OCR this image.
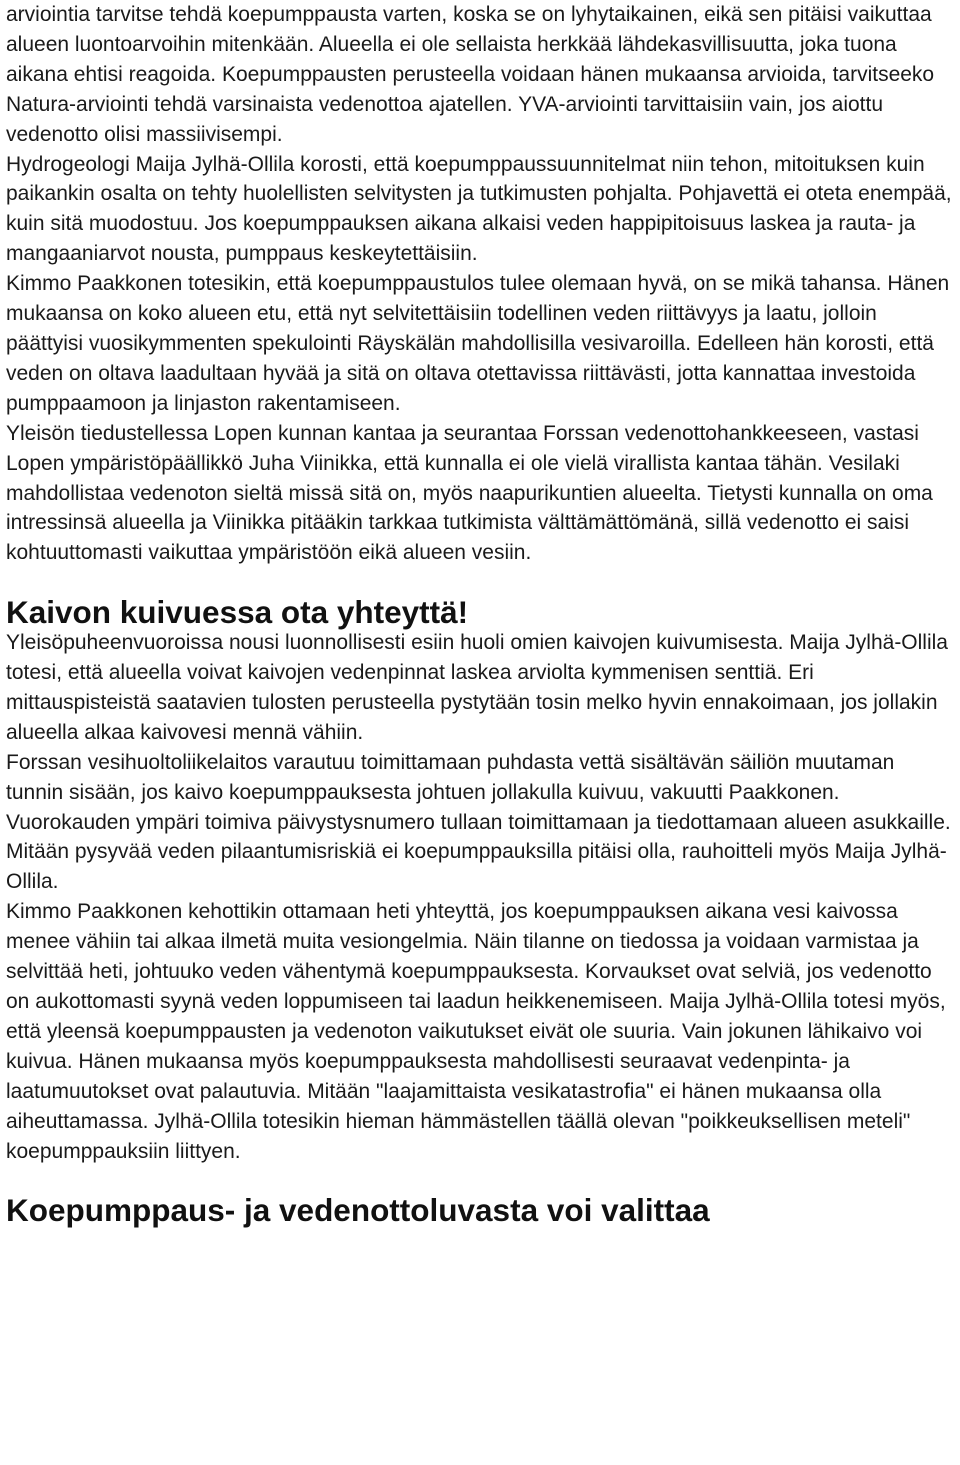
arviointia tarvitse tehdä koepumppausta varten, koska se on lyhytaikainen, eikä sen pitäisi vaikuttaa alueen luontoarvoihin mitenkään. Alueella ei ole sellaista herkkää lähdekasvillisuutta, joka tuona aikana ehtisi reagoida. Koepumppausten perusteella voidaan hänen mukaansa arvioida, tarvitseeko Natura-arviointi tehdä varsinaista vedenottoa ajatellen. YVA-arviointi tarvittaisiin vain, jos aiottu vedenotto olisi massiivisempi.

Hydrogeologi Maija Jylhä-Ollila korosti, että koepumppaussuunnitelmat niin tehon, mitoituksen kuin paikankin osalta on tehty huolellisten selvitysten ja tutkimusten pohjalta. Pohjavettä ei oteta enempää, kuin sitä muodostuu. Jos koepumppauksen aikana alkaisi veden happipitoisuus laskea ja rauta- ja mangaaniarvot nousta, pumppaus keskeytettäisiin.

Kimmo Paakkonen totesikin, että koepumppaustulos tulee olemaan hyvä, on se mikä tahansa. Hänen mukaansa on koko alueen etu, että nyt selvitettäisiin todellinen veden riittävyys ja laatu, jolloin päättyisi vuosikymmenten spekulointi Räyskälän mahdollisilla vesivaroilla. Edelleen hän korosti, että veden on oltava laadultaan hyvää ja sitä on oltava otettavissa riittävästi, jotta kannattaa investoida pumppaamoon ja linjaston rakentamiseen.

Yleisön tiedustellessa Lopen kunnan kantaa ja seurantaa Forssan vedenottohankkeeseen, vastasi Lopen ympäristöpäällikkö Juha Viinikka, että kunnalla ei ole vielä virallista kantaa tähän. Vesilaki mahdollistaa vedenoton sieltä missä sitä on, myös naapurikuntien alueelta. Tietysti kunnalla on oma intressinsä alueella ja Viinikka pitääkin tarkkaa tutkimista välttämättömänä, sillä vedenotto ei saisi kohtuuttomasti vaikuttaa ympäristöön eikä alueen vesiin.

Kaivon kuivuessa ota yhteyttä!

Yleisöpuheenvuoroissa nousi luonnollisesti esiin huoli omien kaivojen kuivumisesta. Maija Jylhä-Ollila totesi, että alueella voivat kaivojen vedenpinnat laskea arviolta kymmenisen senttiä. Eri mittauspisteistä saatavien tulosten perusteella pystytään tosin melko hyvin ennakoimaan, jos jollakin alueella alkaa kaivovesi mennä vähiin.

Forssan vesihuoltoliikelaitos varautuu toimittamaan puhdasta vettä sisältävän säiliön muutaman tunnin sisään, jos kaivo koepumppauksesta johtuen jollakulla kuivuu, vakuutti Paakkonen. Vuorokauden ympäri toimiva päivystysnumero tullaan toimittamaan ja tiedottamaan alueen asukkaille. Mitään pysyvää veden pilaantumisriskiä ei koepumppauksilla pitäisi olla, rauhoitteli myös Maija Jylhä-Ollila.

Kimmo Paakkonen kehottikin ottamaan heti yhteyttä, jos koepumppauksen aikana vesi kaivossa menee vähiin tai alkaa ilmetä muita vesiongelmia. Näin tilanne on tiedossa ja voidaan varmistaa ja selvittää heti, johtuuko veden vähentymä koepumppauksesta. Korvaukset ovat selviä, jos vedenotto on aukottomasti syynä veden loppumiseen tai laadun heikkenemiseen. Maija Jylhä-Ollila totesi myös, että yleensä koepumppausten ja vedenoton vaikutukset eivät ole suuria. Vain jokunen lähikaivo voi kuivua. Hänen mukaansa myös koepumppauksesta mahdollisesti seuraavat vedenpinta- ja laatumuutokset ovat palautuvia. Mitään "laajamittaista vesikatastrofia" ei hänen mukaansa olla aiheuttamassa. Jylhä-Ollila totesikin hieman hämmästellen täällä olevan "poikkeuksellisen meteli" koepumppauksiin liittyen.

Koepumppaus- ja vedenottoluvasta voi valittaa
